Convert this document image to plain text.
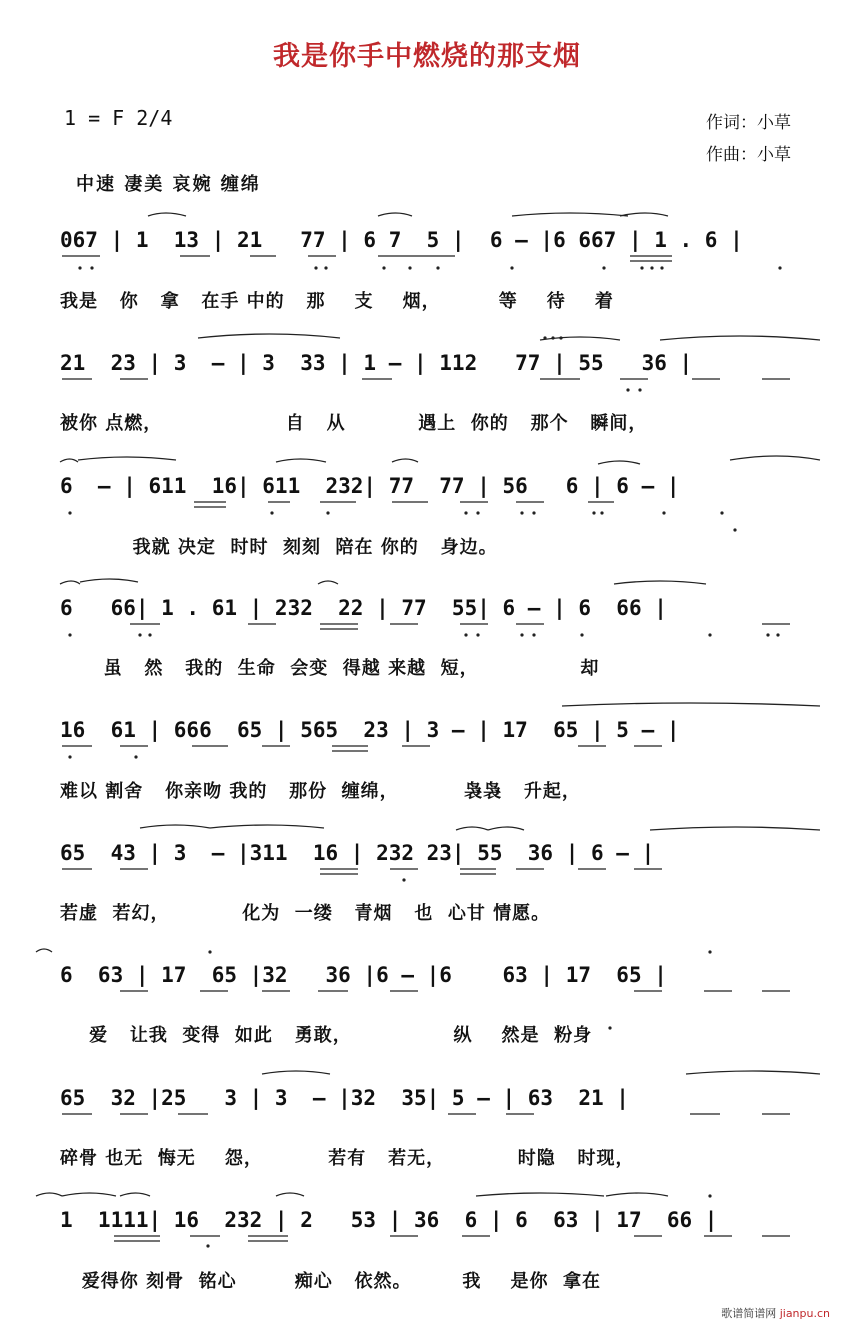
我是你手中燃烧的那支烟
1 = F 2/4	作词：小草
作曲：小草
中速 凄美 哀婉 缠绵
067 | 1  13 | 21   77 | 6 7  5 |  6 — |6 667 | 1 . 6 |
我是   你   拿   在手 中的   那    支    烟，        等    待    着
21  23 | 3  — | 3  33 | 1 — | 112   77 | 55   36 |
被你 点燃，                 自   从          遇上  你的   那个   瞬间，
6  — | 611  16| 611  232| 77  77 | 56   6 | 6 — |
我就 决定  时时  刻刻  陪在 你的   身边。
6   66| 1 . 61 | 232  22 | 77  55| 6 — | 6  66 |
虽   然   我的  生命  会变  得越 来越  短，              却
16  61 | 666  65 | 565  23 | 3 — | 17  65 | 5 — |
难以 割舍   你亲吻 我的   那份  缠绵，         袅袅   升起，
65  43 | 3  — |311  16 | 232 23| 55  36 | 6 — |
若虚  若幻，          化为  一缕   青烟   也  心甘 情愿。
6  63 | 17  65 |32   36 |6 — |6    63 | 17  65 |
爱   让我  变得  如此   勇敢，              纵    然是  粉身
65  32 |25   3 | 3  — |32  35| 5 — | 63  21 |
碎骨 也无  悔无    怨，         若有   若无，          时隐   时现，
1  1111| 16  232 | 2   53 | 36  6 | 6  63 | 17  66 |
爱得你 刻骨  铭心        痴心   依然。       我    是你  拿在
歌谱简谱网 jianpu.cn
